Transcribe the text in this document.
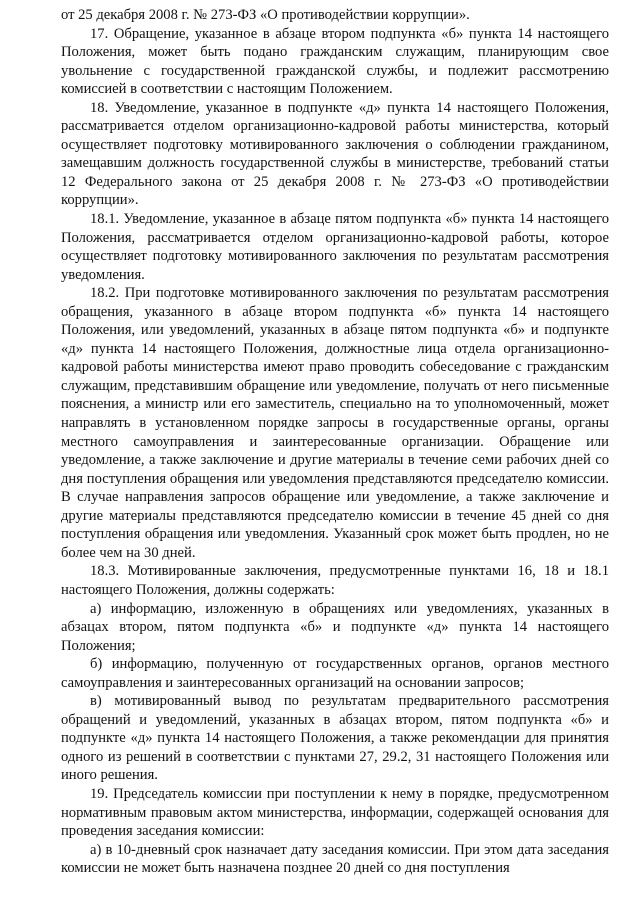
от 25 декабря 2008 г. № 273-ФЗ «О противодействии коррупции».

17. Обращение, указанное в абзаце втором подпункта «б» пункта 14 настоящего Положения, может быть подано гражданским служащим, планирующим свое увольнение с государственной гражданской службы, и подлежит рассмотрению комиссией в соответствии с настоящим Положением.

18. Уведомление, указанное в подпункте «д» пункта 14 настоящего Положения, рассматривается отделом организационно-кадровой работы министерства, который осуществляет подготовку мотивированного заключения о соблюдении гражданином, замещавшим должность государственной службы в министерстве, требований статьи 12 Федерального закона от 25 декабря 2008 г. № 273-ФЗ «О противодействии коррупции».

18.1. Уведомление, указанное в абзаце пятом подпункта «б» пункта 14 настоящего Положения, рассматривается отделом организационно-кадровой работы, которое осуществляет подготовку мотивированного заключения по результатам рассмотрения уведомления.

18.2. При подготовке мотивированного заключения по результатам рассмотрения обращения, указанного в абзаце втором подпункта «б» пункта 14 настоящего Положения, или уведомлений, указанных в абзаце пятом подпункта «б» и подпункте «д» пункта 14 настоящего Положения, должностные лица отдела организационно-кадровой работы министерства имеют право проводить собеседование с гражданским служащим, представившим обращение или уведомление, получать от него письменные пояснения, а министр или его заместитель, специально на то уполномоченный, может направлять в установленном порядке запросы в государственные органы, органы местного самоуправления и заинтересованные организации. Обращение или уведомление, а также заключение и другие материалы в течение семи рабочих дней со дня поступления обращения или уведомления представляются председателю комиссии. В случае направления запросов обращение или уведомление, а также заключение и другие материалы представляются председателю комиссии в течение 45 дней со дня поступления обращения или уведомления. Указанный срок может быть продлен, но не более чем на 30 дней.

18.3. Мотивированные заключения, предусмотренные пунктами 16, 18 и 18.1 настоящего Положения, должны содержать:

а) информацию, изложенную в обращениях или уведомлениях, указанных в абзацах втором, пятом подпункта «б» и подпункте «д» пункта 14 настоящего Положения;

б) информацию, полученную от государственных органов, органов местного самоуправления и заинтересованных организаций на основании запросов;

в) мотивированный вывод по результатам предварительного рассмотрения обращений и уведомлений, указанных в абзацах втором, пятом подпункта «б» и подпункте «д» пункта 14 настоящего Положения, а также рекомендации для принятия одного из решений в соответствии с пунктами 27, 29.2, 31 настоящего Положения или иного решения.

19. Председатель комиссии при поступлении к нему в порядке, предусмотренном нормативным правовым актом министерства, информации, содержащей основания для проведения заседания комиссии:

а) в 10-дневный срок назначает дату заседания комиссии. При этом дата заседания комиссии не может быть назначена позднее 20 дней со дня поступления
